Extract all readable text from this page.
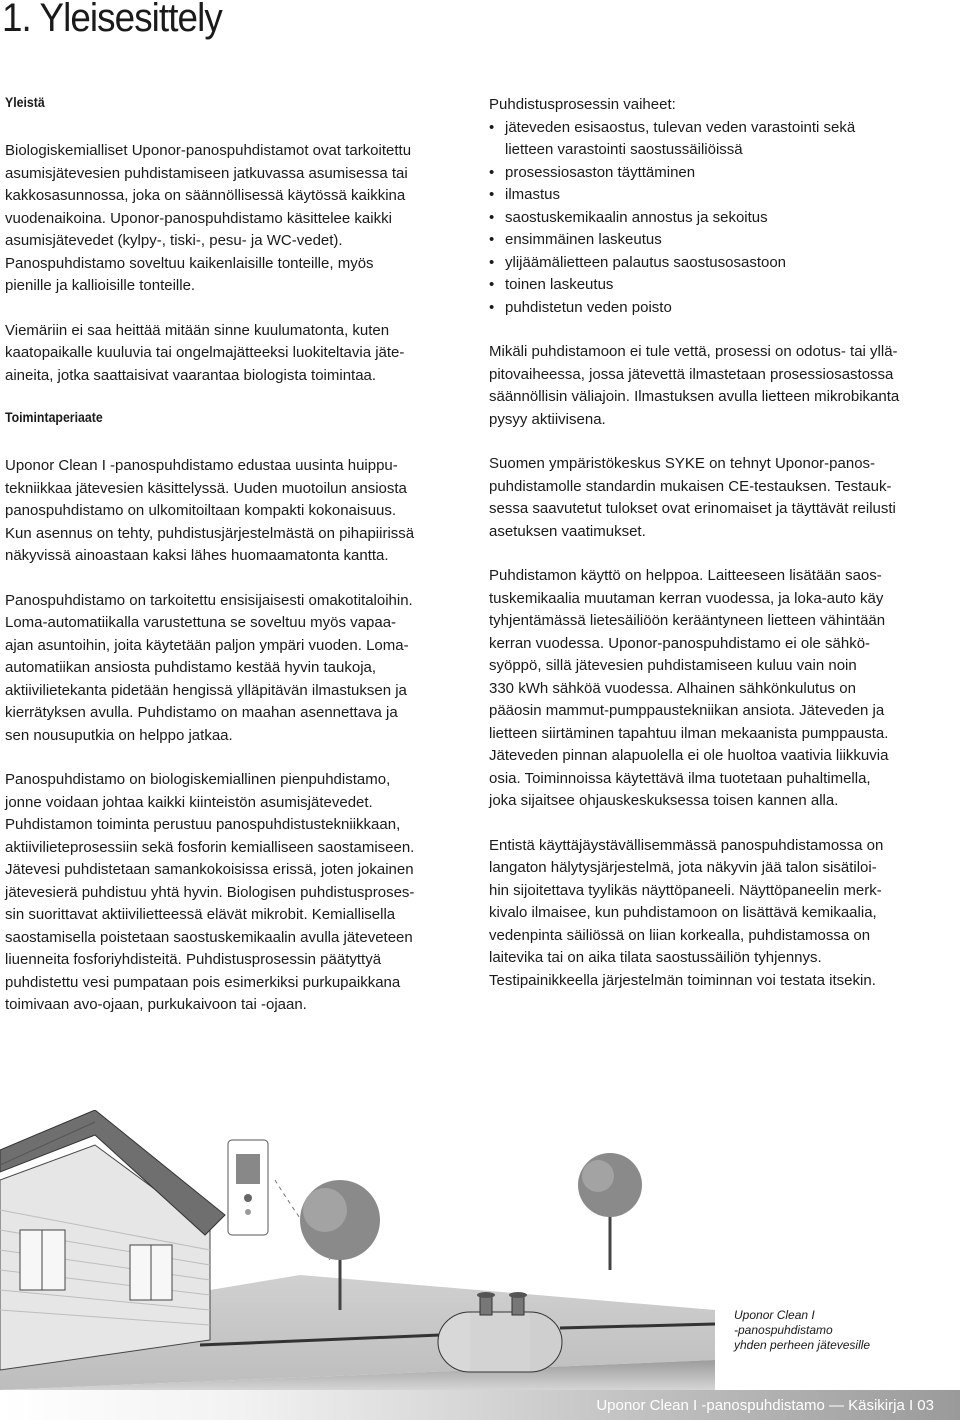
1. Yleisesittely
Yleistä

Biologiskemialliset Uponor-panospuhdistamot ovat tarkoitettu
asumisjätevesien puhdistamiseen jatkuvassa asumisessa tai
kakkosasunnossa, joka on säännöllisessä käytössä kaikkina
vuodenaikoina. Uponor-panospuhdistamo käsittelee kaikki
asumisjätevedet (kylpy-, tiski-, pesu- ja WC-vedet).
Panospuhdistamo soveltuu kaikenlaisille tonteille, myös
pienille ja kallioisille tonteille.

Viemäriin ei saa heittää mitään sinne kuulumatonta, kuten
kaatopaikalle kuuluvia tai ongelmajätteeksi luokiteltavia jäte-
aineita, jotka saattaisivat vaarantaa biologista toimintaa.

Toimintaperiaate

Uponor Clean I -panospuhdistamo edustaa uusinta huippu-
tekniikkaa jätevesien käsittelyssä. Uuden muotoilun ansiosta
panospuhdistamo on ulkomitoiltaan kompakti kokonaisuus.
Kun asennus on tehty, puhdistusjärjestelmästä on pihapiirissä
näkyvissä ainoastaan kaksi lähes huomaamatonta kantta.

Panospuhdistamo on tarkoitettu ensisijaisesti omakotitaloihin.
Loma-automatiikalla varustettuna se soveltuu myös vapaa-
ajan asuntoihin, joita käytetään paljon ympäri vuoden. Loma-
automatiikan ansiosta puhdistamo kestää hyvin taukoja,
aktiivilietekanta pidetään hengissä ylläpitävän ilmastuksen ja
kierrätyksen avulla. Puhdistamo on maahan asennettava ja
sen nousuputkia on helppo jatkaa.

Panospuhdistamo on biologiskemiallinen pienpuhdistamo,
jonne voidaan johtaa kaikki kiinteistön asumisjätevedet.
Puhdistamon toiminta perustuu panospuhdistustekniikkaan,
aktiivilieteprosessiin sekä fosforin kemialliseen saostamiseen.
Jätevesi puhdistetaan samankokoisissa erissä, joten jokainen
jätevesierä puhdistuu yhtä hyvin. Biologisen puhdistusproses-
sin suorittavat aktiivilietteessä elävät mikrobit. Kemiallisella
saostamisella poistetaan saostuskemikaalin avulla jäteveteen
liuenneita fosforiyhdisteitä. Puhdistusprosessin päätyttyä
puhdistettu vesi pumpataan pois esimerkiksi purkupaikkana
toimivaan avo-ojaan, purkukaivoon tai -ojaan.

Puhdistusprosessin vaiheet:

• jäteveden esisaostus, tulevan veden varastointi sekä
lietteen varastointi saostussäiliöissä
• prosessiosaston täyttäminen
• ilmastus
• saostuskemikaalin annostus ja sekoitus
• ensimmäinen laskeutus
• ylijäämälietteen palautus saostusosastoon
• toinen laskeutus
• puhdistetun veden poisto

Mikäli puhdistamoon ei tule vettä, prosessi on odotus- tai yllä-
pitovaiheessa, jossa jätevettä ilmastetaan prosessiosastossa
säännöllisin väliajoin. Ilmastuksen avulla lietteen mikrobikanta
pysyy aktiivisena.

Suomen ympäristökeskus SYKE on tehnyt Uponor-panos-
puhdistamolle standardin mukaisen CE-testauksen. Testauk-
sessa saavutetut tulokset ovat erinomaiset ja täyttävät reilusti
asetuksen vaatimukset.

Puhdistamon käyttö on helppoa. Laitteeseen lisätään saos-
tuskemikaalia muutaman kerran vuodessa, ja loka-auto käy
tyhjentämässä lietesäiliöön kerääntyneen lietteen vähintään
kerran vuodessa. Uponor-panospuhdistamo ei ole sähkö-
syöppö, sillä jätevesien puhdistamiseen kuluu vain noin
330 kWh sähköä vuodessa. Alhainen sähkönkulutus on
pääosin mammut-pumppaustekniikan ansiota. Jäteveden ja
lietteen siirtäminen tapahtuu ilman mekaanista pumppausta.
Jäteveden pinnan alapuolella ei ole huoltoa vaativia liikkuvia
osia. Toiminnoissa käytettävä ilma tuotetaan puhaltimella,
joka sijaitsee ohjauskeskuksessa toisen kannen alla.

Entistä käyttäjäystävällisemmässä panospuhdistamossa on
langaton hälytysjärjestelmä, jota näkyvin jää talon sisätiloi-
hin sijoitettava tyylikäs näyttöpaneeli. Näyttöpaneelin merk-
kivalo ilmaisee, kun puhdistamoon on lisättävä kemikaalia,
vedenpinta säiliössä on liian korkealla, puhdistamossa on
laitevika tai on aika tilata saostussäiliön tyhjennys.
Testipainikkeella järjestelmän toiminnan voi testata itsekin.

Uponor Clean I
-panospuhdistamo
yhden perheen jätevesille
Uponor Clean I -panospuhdistamo — Käsikirja I 03
